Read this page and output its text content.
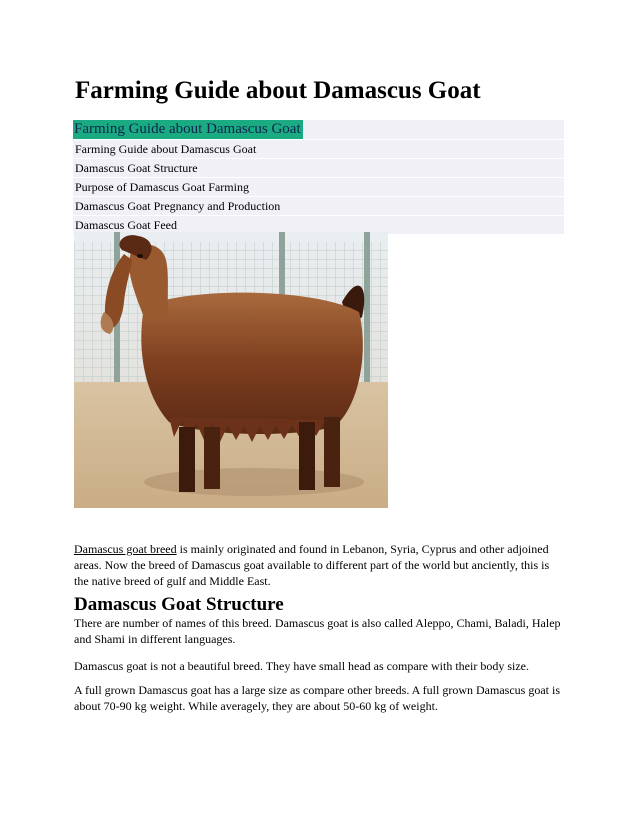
Farming Guide about Damascus Goat
Farming Guide about Damascus Goat
Farming Guide about Damascus Goat
Damascus Goat Structure
Purpose of Damascus Goat Farming
Damascus Goat Pregnancy and Production
Damascus Goat Feed
Damascus goat breed is mainly originated and found in Lebanon, Syria, Cyprus and other adjoined areas. Now the breed of Damascus goat available to different part of the world but anciently, this is the native breed of gulf and Middle East.
Damascus Goat Structure
There are number of names of this breed. Damascus goat is also called Aleppo, Chami, Baladi, Halep and Shami in different languages.
Damascus goat is not a beautiful breed. They have small head as compare with their body size.
A full grown Damascus goat has a large size as compare other breeds. A full grown Damascus goat is about 70-90 kg weight. While averagely, they are about 50-60 kg of weight.
